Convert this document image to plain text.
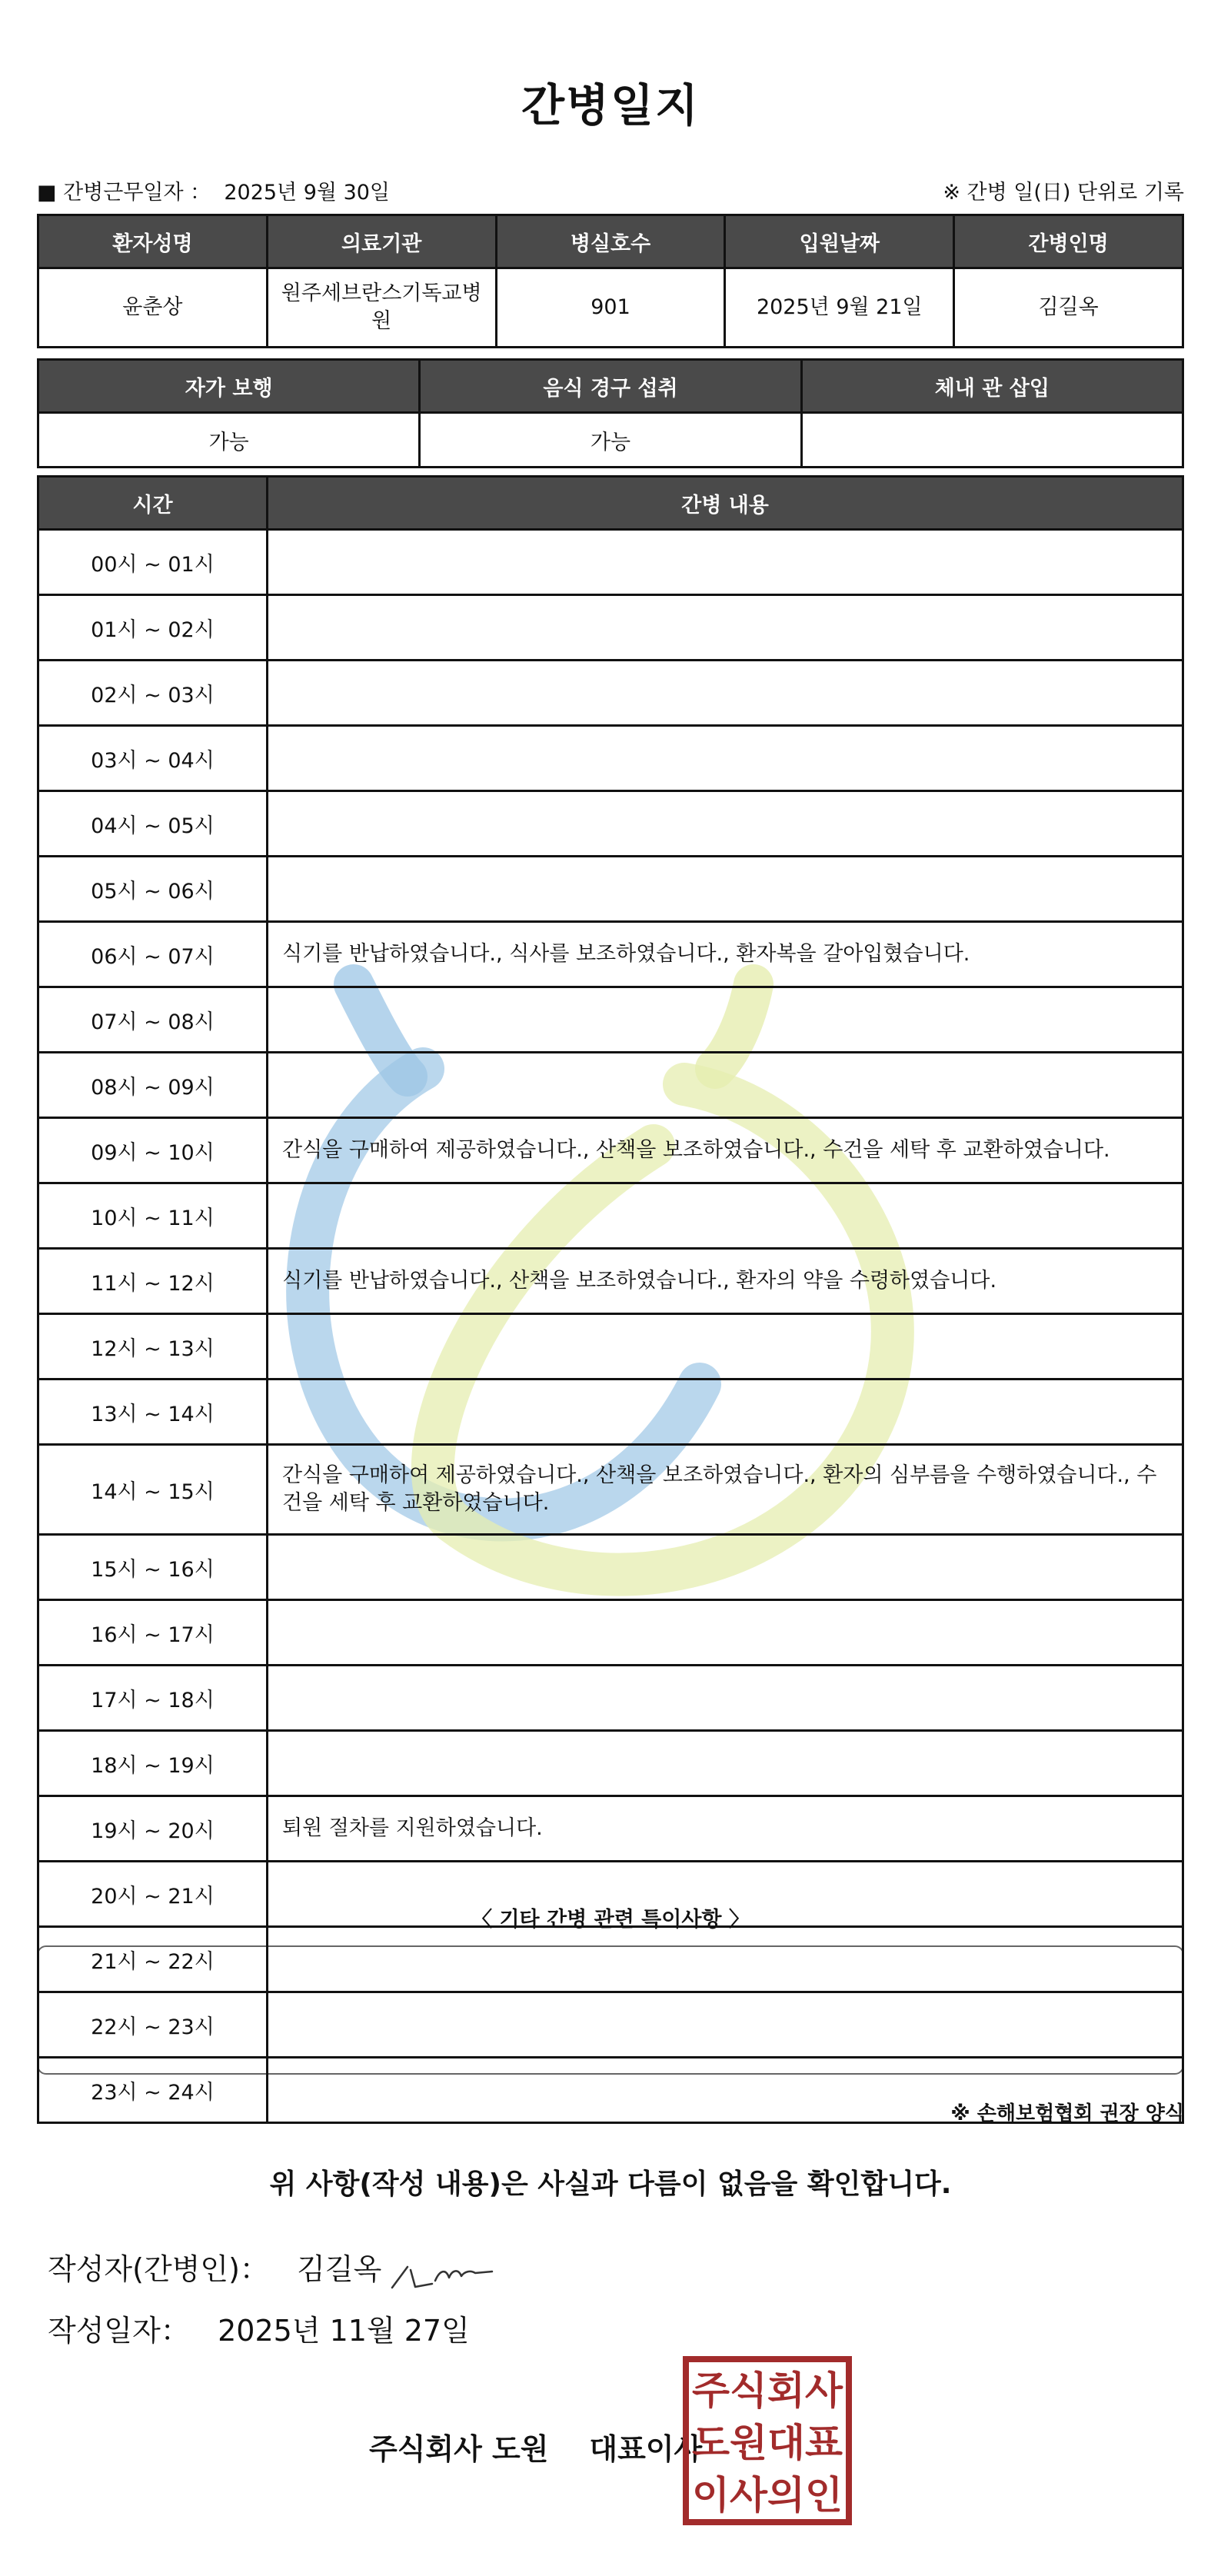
간병일지
■ 간병근무일자 ： 2025년 9월 30일	※ 간병 일(日) 단위로 기록
환자성명	의료기관	병실호수	입원날짜	간병인명
윤춘상	원주세브란스기독교병원	901	2025년 9월 21일	김길옥
자가 보행	음식 경구 섭취	체내 관 삽입
가능	가능	
시간	간병 내용
00시 ~ 01시	
01시 ~ 02시	
02시 ~ 03시	
03시 ~ 04시	
04시 ~ 05시	
05시 ~ 06시	
06시 ~ 07시	식기를 반납하였습니다., 식사를 보조하였습니다., 환자복을 갈아입혔습니다.
07시 ~ 08시	
08시 ~ 09시	
09시 ~ 10시	간식을 구매하여 제공하였습니다., 산책을 보조하였습니다., 수건을 세탁 후 교환하였습니다.
10시 ~ 11시	
11시 ~ 12시	식기를 반납하였습니다., 산책을 보조하였습니다., 환자의 약을 수령하였습니다.
12시 ~ 13시	
13시 ~ 14시	
14시 ~ 15시	간식을 구매하여 제공하였습니다., 산책을 보조하였습니다., 환자의 심부름을 수행하였습니다., 수건을 세탁 후 교환하였습니다.
15시 ~ 16시	
16시 ~ 17시	
17시 ~ 18시	
18시 ~ 19시	
19시 ~ 20시	퇴원 절차를 지원하였습니다.
20시 ~ 21시	
21시 ~ 22시	
22시 ~ 23시	
23시 ~ 24시	
〈 기타 간병 관련 특이사항 〉
※ 손해보험협회 권장 양식
위 사항(작성 내용)은 사실과 다름이 없음을 확인합니다.
작성자(간병인)： 김길옥
작성일자： 2025년 11월 27일
주식회사 도원 대표이사
주식회사
도원대표
이사의인
